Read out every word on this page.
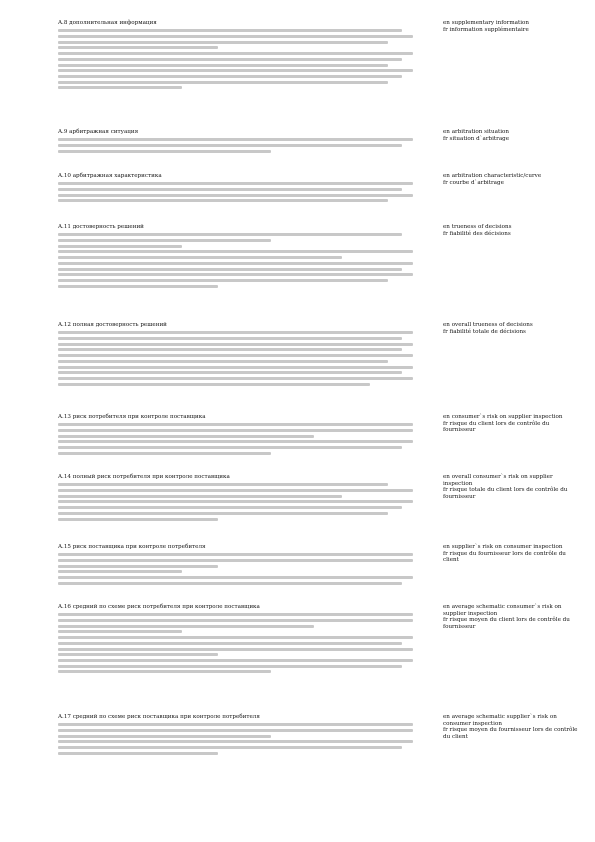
A.8 дополнительная информация	en supplementary information
fr information supplémentaire
A.9 арбитражная ситуация	en arbitration situation
fr situation d`arbitrage
A.10 арбитражная характеристика	en arbitration characteristic/curve
fr courbe d`arbitrage
A.11 достоверность решений	en trueness of decisions
fr fiabilité des décisions
A.12 полная достоверность решений	en overall trueness of decisions
fr fiabilité totale de décisions
A.13 риск потребителя при контроле поставщика	en consumer`s risk on supplier inspection
fr risque du client lors de contrôle du fournisseur
A.14 полный риск потребителя при контроле поставщика	en overall consumer`s risk on supplier inspection
fr risque totale du client lors de contrôle du fournisseur
A.15 риск поставщика при контроле потребителя	en supplier`s risk on consumer inspection
fr risque du fournisseur lors de contrôle du client
A.16 средний по схеме риск потребителя при контроле поставщика	en average schematic consumer`s risk on supplier inspection
fr risque moyen du client lors de contrôle du fournisseur
A.17 средний по схеме риск поставщика при контроле потребителя	en average schematic supplier`s risk on consumer inspection
fr risque moyen du fournisseur lors de contrôle du client
